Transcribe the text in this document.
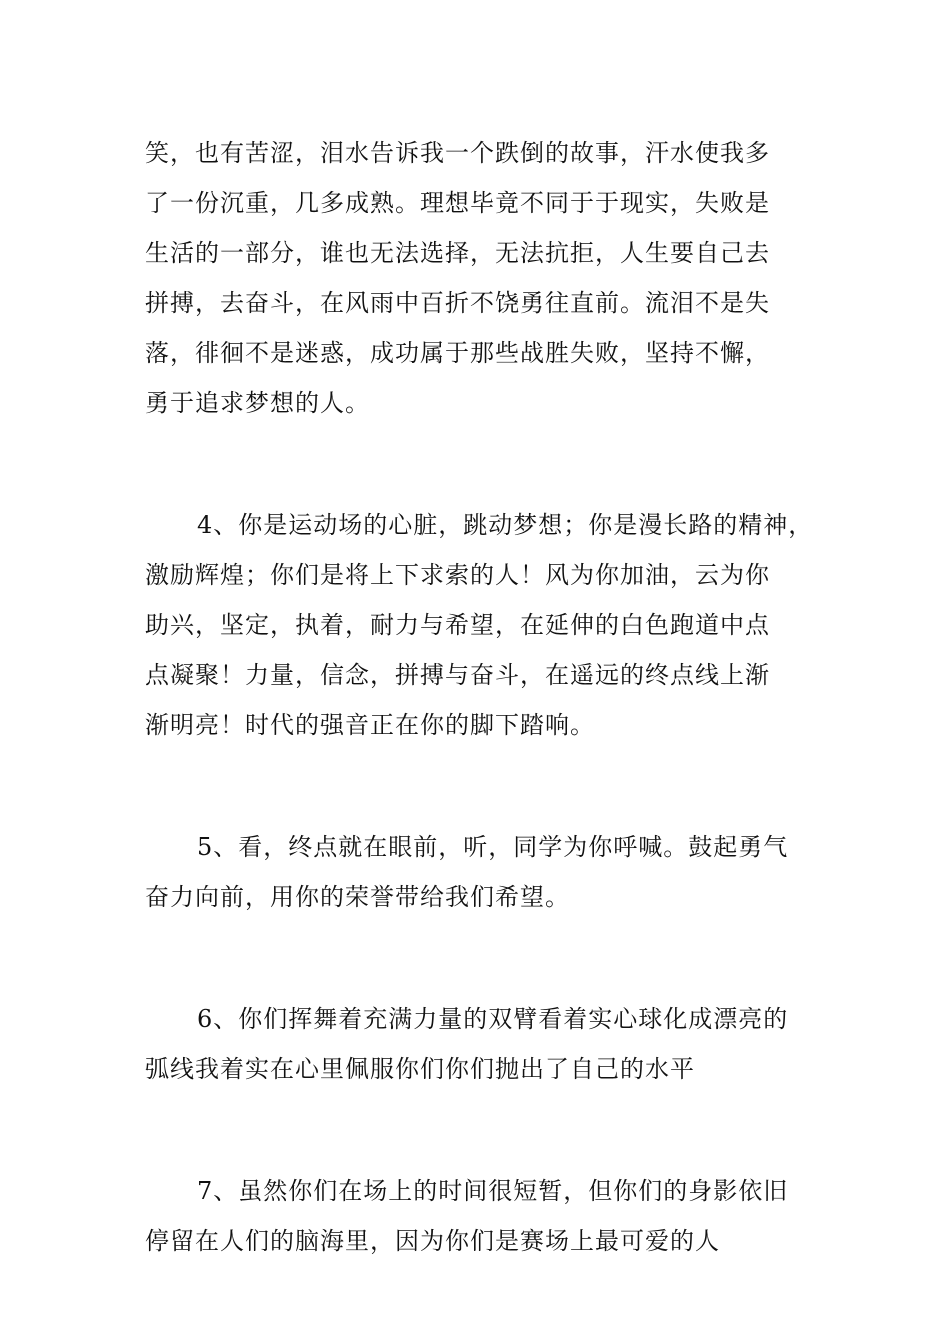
笑，也有苦涩，泪水告诉我一个跌倒的故事，汗水使我多
了一份沉重，几多成熟。理想毕竟不同于于现实，失败是
生活的一部分，谁也无法选择，无法抗拒，人生要自己去
拼搏，去奋斗，在风雨中百折不饶勇往直前。流泪不是失
落，徘徊不是迷惑，成功属于那些战胜失败，坚持不懈，
勇于追求梦想的人。

4、你是运动场的心脏，跳动梦想；你是漫长路的精神，
激励辉煌；你们是将上下求索的人！风为你加油，云为你
助兴，坚定，执着，耐力与希望，在延伸的白色跑道中点
点凝聚！力量，信念，拼搏与奋斗，在遥远的终点线上渐
渐明亮！时代的强音正在你的脚下踏响。

5、看，终点就在眼前，听，同学为你呼喊。鼓起勇气
奋力向前，用你的荣誉带给我们希望。

6、你们挥舞着充满力量的双臂看着实心球化成漂亮的
弧线我着实在心里佩服你们你们抛出了自己的水平

7、虽然你们在场上的时间很短暂，但你们的身影依旧
停留在人们的脑海里，因为你们是赛场上最可爱的人
